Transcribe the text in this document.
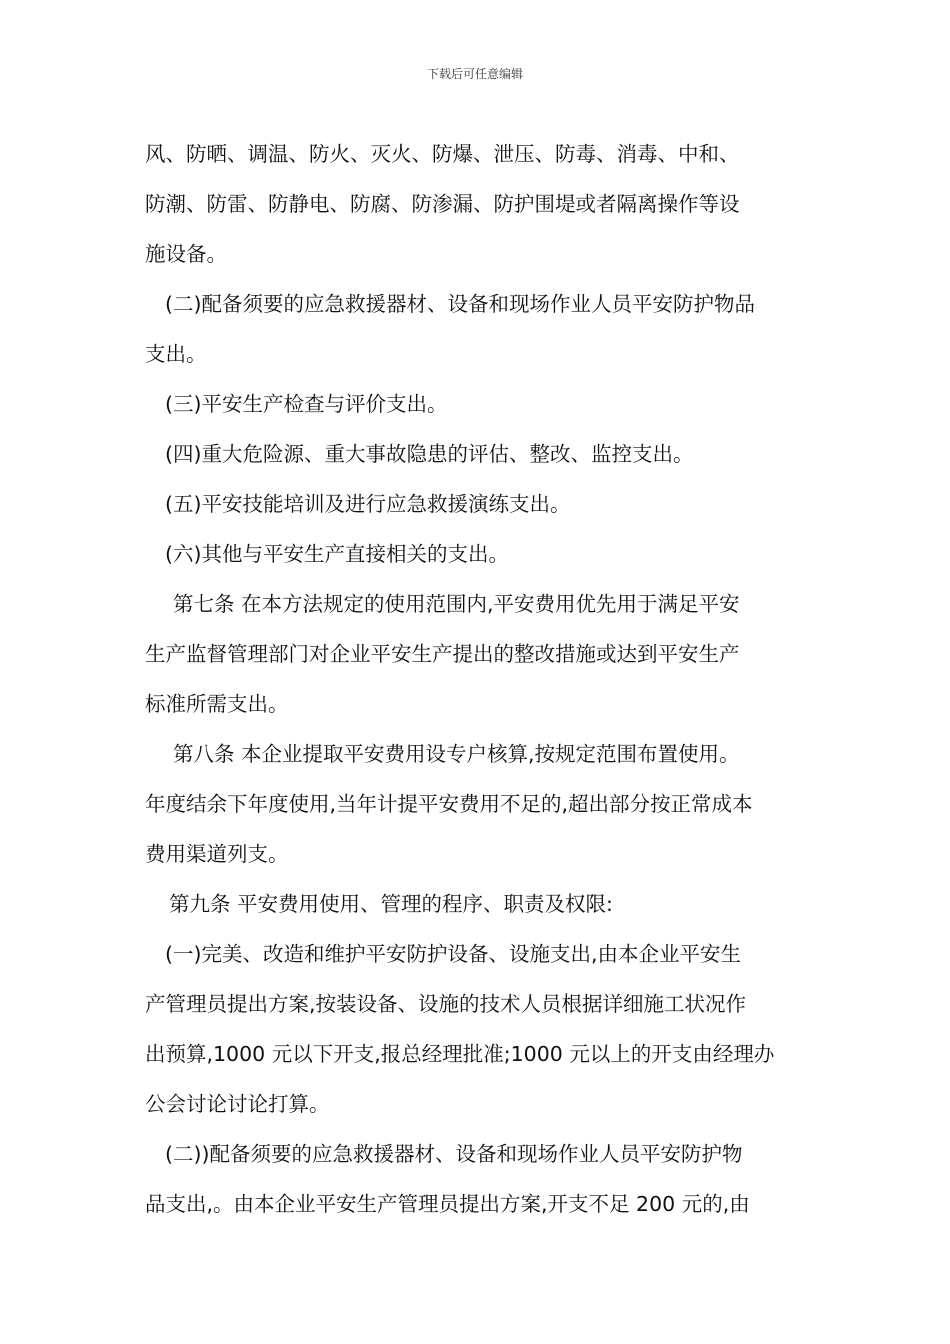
下载后可任意编辑
风、防晒、调温、防火、灭火、防爆、泄压、防毒、消毒、中和、
防潮、防雷、防静电、防腐、防渗漏、防护围堤或者隔离操作等设
施设备。
(二)配备须要的应急救援器材、设备和现场作业人员平安防护物品
支出。
(三)平安生产检查与评价支出。
(四)重大危险源、重大事故隐患的评估、整改、监控支出。
(五)平安技能培训及进行应急救援演练支出。
(六)其他与平安生产直接相关的支出。
第七条 在本方法规定的使用范围内,平安费用优先用于满足平安
生产监督管理部门对企业平安生产提出的整改措施或达到平安生产
标准所需支出。
第八条 本企业提取平安费用设专户核算,按规定范围布置使用。
年度结余下年度使用,当年计提平安费用不足的,超出部分按正常成本
费用渠道列支。
第九条 平安费用使用、管理的程序、职责及权限:
(一)完美、改造和维护平安防护设备、设施支出,由本企业平安生
产管理员提出方案,按装设备、设施的技术人员根据详细施工状况作
出预算,1000 元以下开支,报总经理批准;1000 元以上的开支由经理办
公会讨论讨论打算。
(二))配备须要的应急救援器材、设备和现场作业人员平安防护物
品支出,。由本企业平安生产管理员提出方案,开支不足 200 元的,由
